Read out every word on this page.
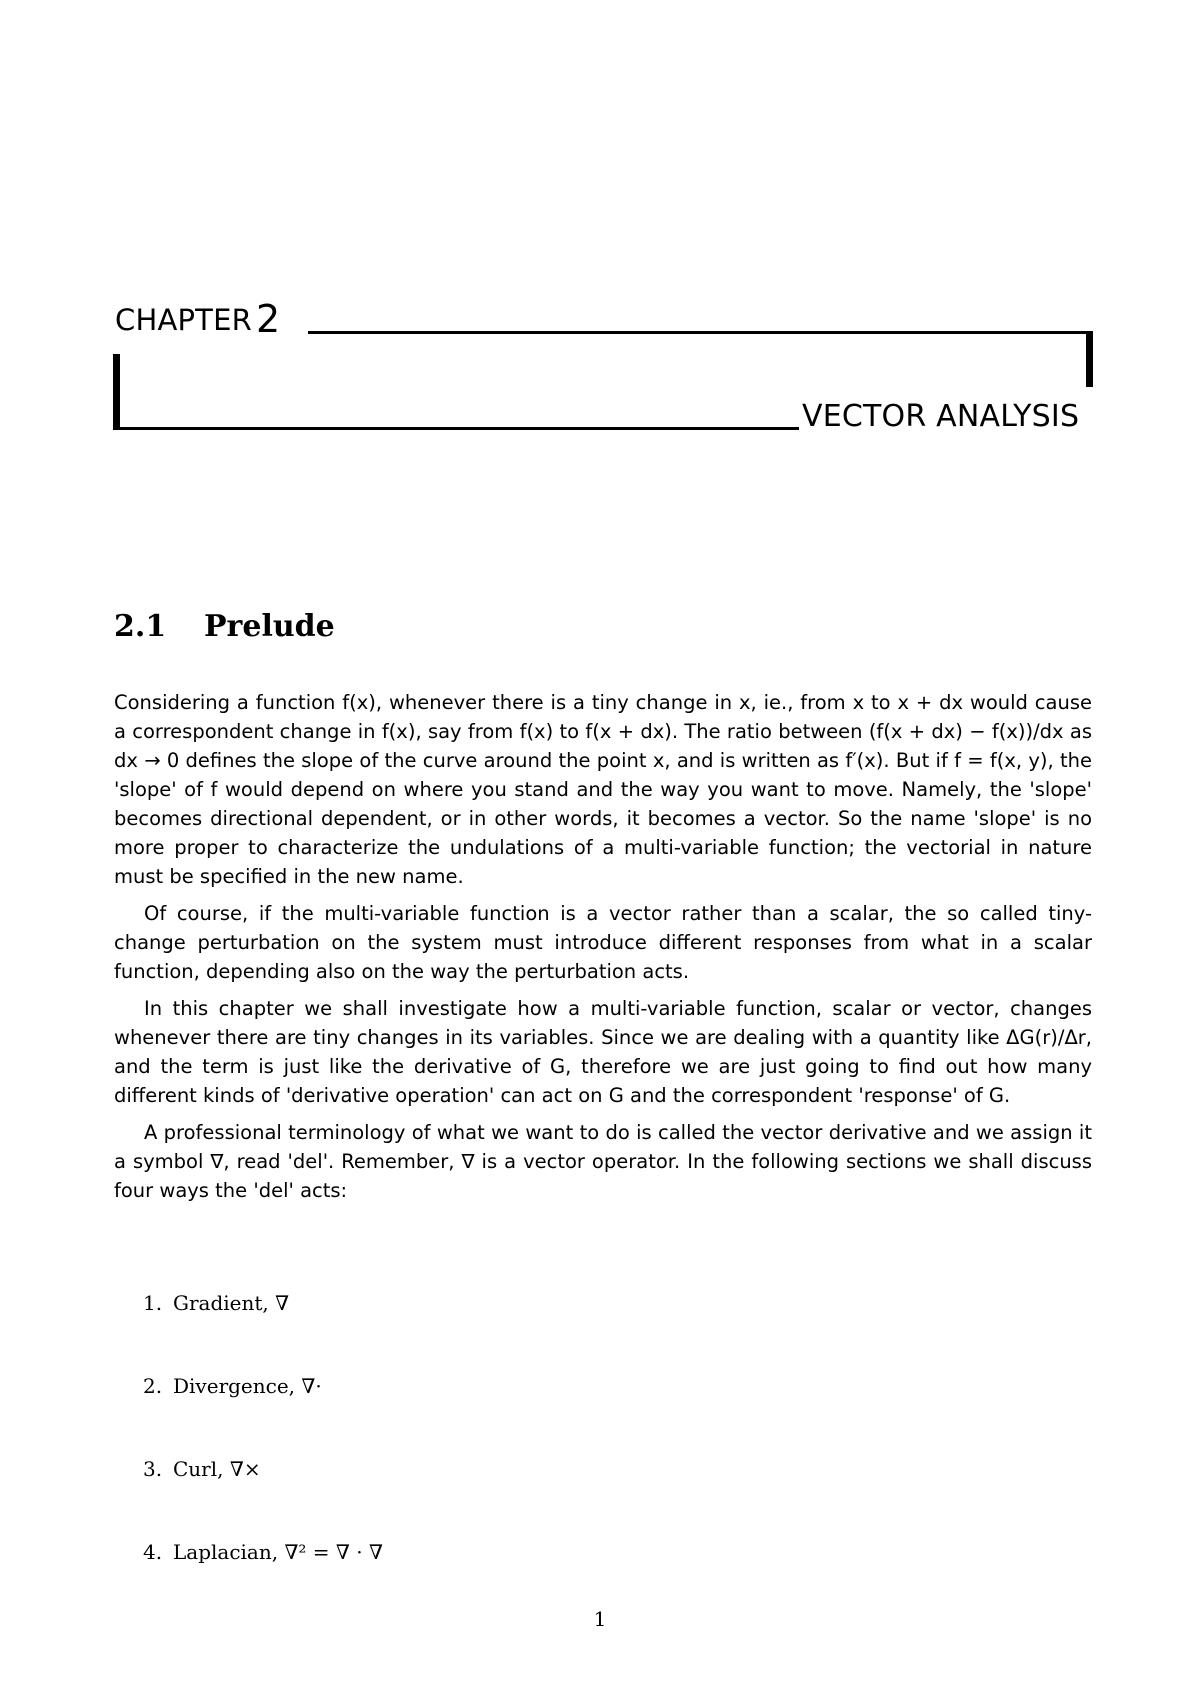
CHAPTER 2
VECTOR ANALYSIS
2.1 Prelude

Considering a function f(x), whenever there is a tiny change in x, ie., from x to x + dx would cause a correspondent change in f(x), say from f(x) to f(x + dx). The ratio between (f(x + dx) − f(x))/dx as dx → 0 defines the slope of the curve around the point x, and is written as f′(x). But if f = f(x, y), the 'slope' of f would depend on where you stand and the way you want to move. Namely, the 'slope' becomes directional dependent, or in other words, it becomes a vector. So the name 'slope' is no more proper to characterize the undulations of a multi-variable function; the vectorial in nature must be specified in the new name.

Of course, if the multi-variable function is a vector rather than a scalar, the so called tiny-change perturbation on the system must introduce different responses from what in a scalar function, depending also on the way the perturbation acts.

In this chapter we shall investigate how a multi-variable function, scalar or vector, changes whenever there are tiny changes in its variables. Since we are dealing with a quantity like ΔG(r)/Δr, and the term is just like the derivative of G, therefore we are just going to find out how many different kinds of 'derivative operation' can act on G and the correspondent 'response' of G.

A professional terminology of what we want to do is called the vector derivative and we assign it a symbol ∇, read 'del'. Remember, ∇ is a vector operator. In the following sections we shall discuss four ways the 'del' acts:

1. Gradient, ∇
2. Divergence, ∇·
3. Curl, ∇×
4. Laplacian, ∇² = ∇ · ∇
1
